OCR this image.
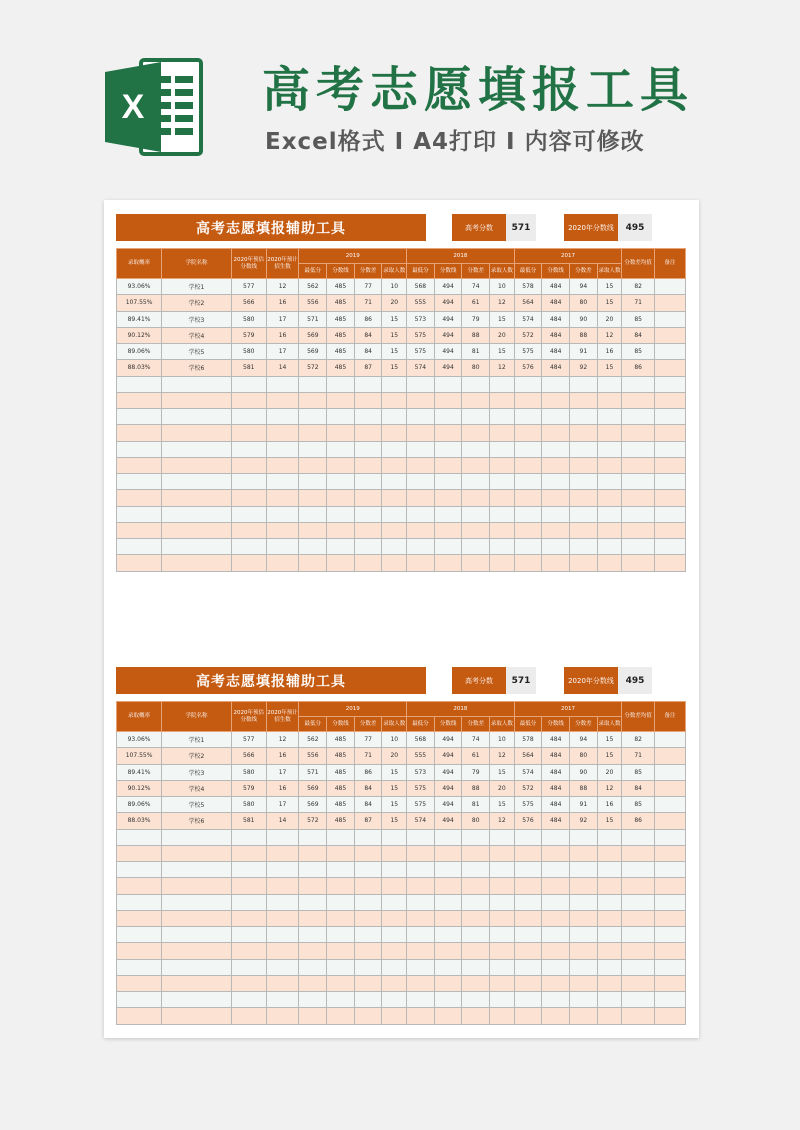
X 高考志愿填报工具
Excel格式 I A4打印 I 内容可修改
高考志愿填报辅助工具	高考分数	571	2020年分数线	495
录取概率	学院名称	2020年预估分数线	2020年预计招生数	2019				2018				2017				分数差均值	备注
				最低分	分数线	分数差	录取人数	最低分	分数线	分数差	录取人数	最低分	分数线	分数差	录取人数		
93.06%	学校1	577	12	562	485	77	10	568	494	74	10	578	484	94	15	82	
107.55%	学校2	566	16	556	485	71	20	555	494	61	12	564	484	80	15	71	
89.41%	学校3	580	17	571	485	86	15	573	494	79	15	574	484	90	20	85	
90.12%	学校4	579	16	569	485	84	15	575	494	88	20	572	484	88	12	84	
89.06%	学校5	580	17	569	485	84	15	575	494	81	15	575	484	91	16	85	
88.03%	学校6	581	14	572	485	87	15	574	494	80	12	576	484	92	15	86	

高考志愿填报辅助工具	高考分数	571	2020年分数线	495
录取概率	学院名称	2020年预估分数线	2020年预计招生数	2019				2018				2017				分数差均值	备注
				最低分	分数线	分数差	录取人数	最低分	分数线	分数差	录取人数	最低分	分数线	分数差	录取人数		
93.06%	学校1	577	12	562	485	77	10	568	494	74	10	578	484	94	15	82	
107.55%	学校2	566	16	556	485	71	20	555	494	61	12	564	484	80	15	71	
89.41%	学校3	580	17	571	485	86	15	573	494	79	15	574	484	90	20	85	
90.12%	学校4	579	16	569	485	84	15	575	494	88	20	572	484	88	12	84	
89.06%	学校5	580	17	569	485	84	15	575	494	81	15	575	484	91	16	85	
88.03%	学校6	581	14	572	485	87	15	574	494	80	12	576	484	92	15	86	
